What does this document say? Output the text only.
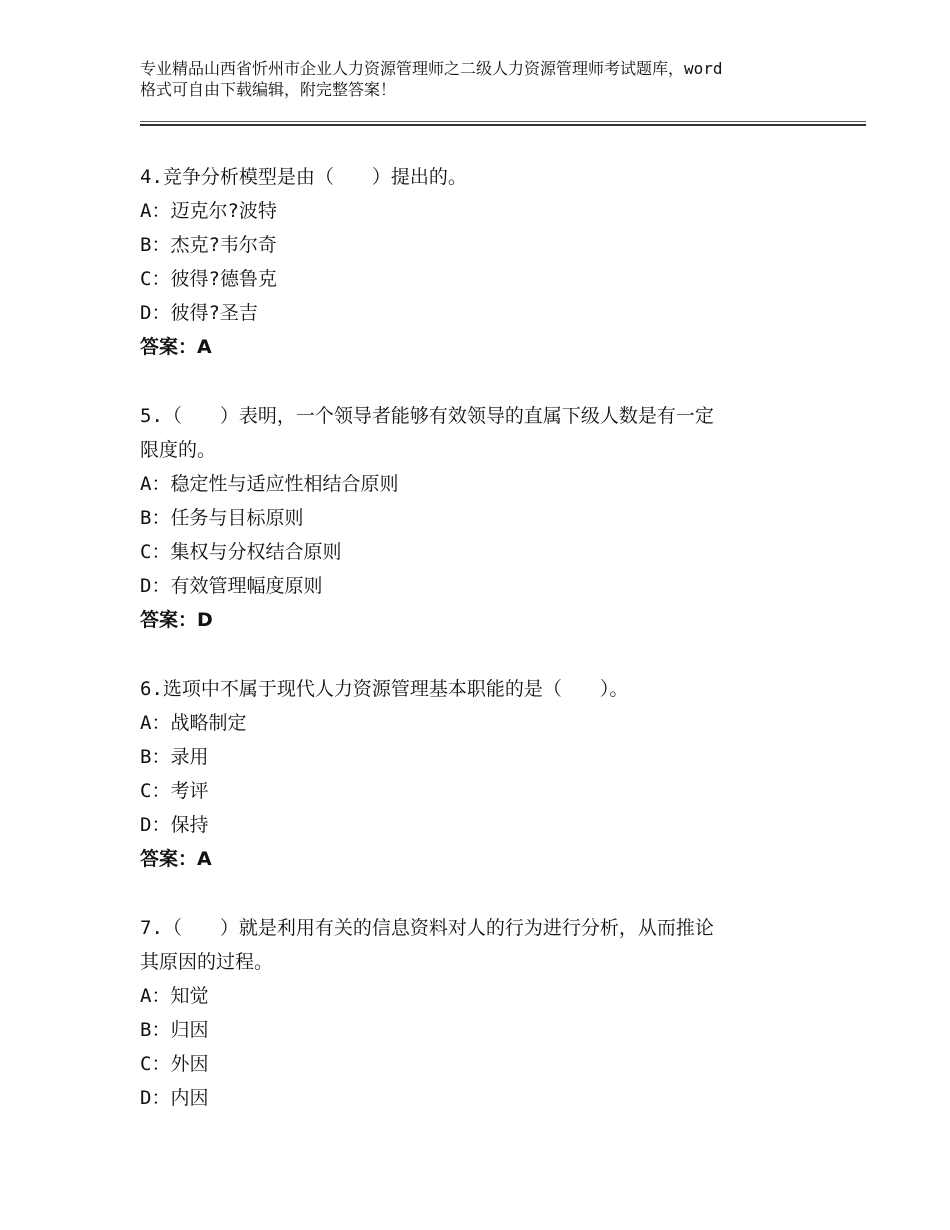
专业精品山西省忻州市企业人力资源管理师之二级人力资源管理师考试题库，word
格式可自由下载编辑，附完整答案！
4.竞争分析模型是由（　　）提出的。
A：迈克尔?波特
B：杰克?韦尔奇
C：彼得?德鲁克
D：彼得?圣吉
答案：A
5.（　　）表明，一个领导者能够有效领导的直属下级人数是有一定
限度的。
A：稳定性与适应性相结合原则
B：任务与目标原则
C：集权与分权结合原则
D：有效管理幅度原则
答案：D
6.选项中不属于现代人力资源管理基本职能的是（　　）。
A：战略制定
B：录用
C：考评
D：保持
答案：A
7.（　　）就是利用有关的信息资料对人的行为进行分析，从而推论
其原因的过程。
A：知觉
B：归因
C：外因
D：内因
